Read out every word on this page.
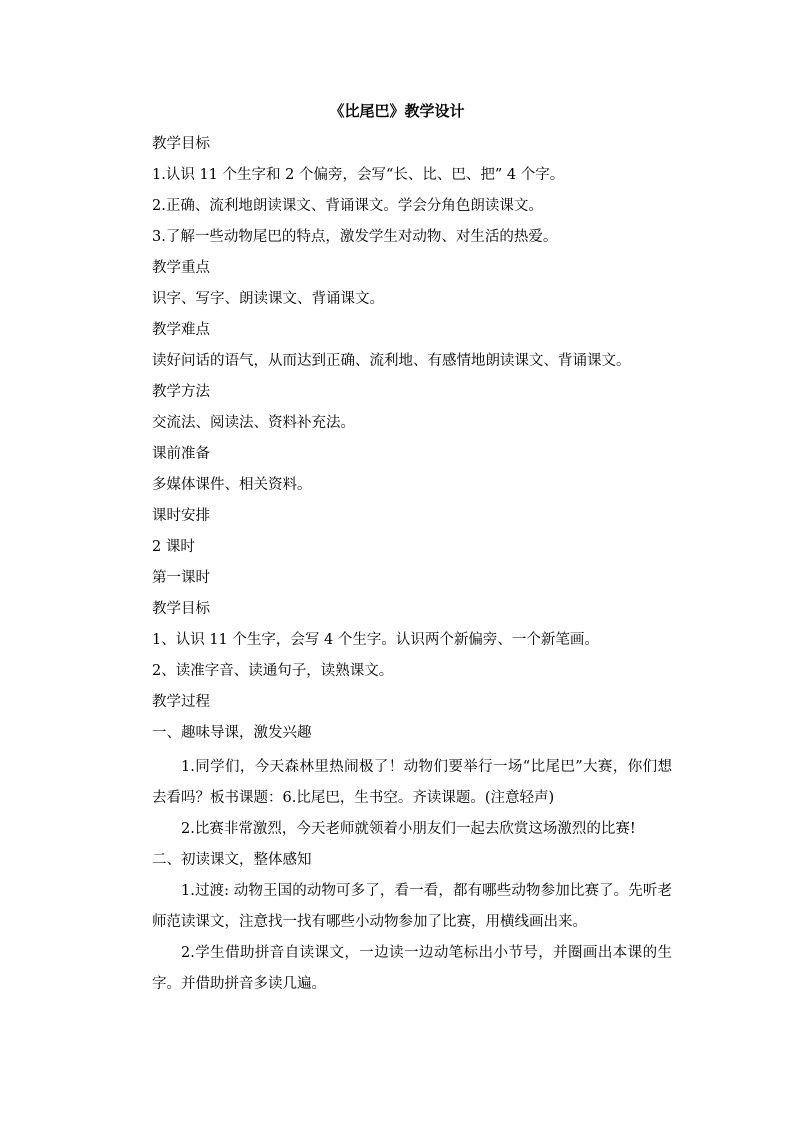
《比尾巴》教学设计
教学目标
1.认识 11 个生字和 2 个偏旁，会写“长、比、巴、把” 4 个字。
2.正确、流利地朗读课文、背诵课文。学会分角色朗读课文。
3.了解一些动物尾巴的特点，激发学生对动物、对生活的热爱。
教学重点
识字、写字、朗读课文、背诵课文。
教学难点
读好问话的语气，从而达到正确、流利地、有感情地朗读课文、背诵课文。
教学方法
交流法、阅读法、资料补充法。
课前准备
多媒体课件、相关资料。
课时安排
2 课时
第一课时
教学目标
1、认识 11 个生字，会写 4 个生字。认识两个新偏旁、一个新笔画。
2、读准字音、读通句子，读熟课文。
教学过程
一、趣味导课，激发兴趣
1.同学们，今天森林里热闹极了！动物们要举行一场“比尾巴”大赛，你们想去看吗？板书课题：6.比尾巴，生书空。齐读课题。(注意轻声)
2.比赛非常激烈，今天老师就领着小朋友们一起去欣赏这场激烈的比赛!
二、初读课文，整体感知
1.过渡: 动物王国的动物可多了，看一看，都有哪些动物参加比赛了。先听老师范读课文，注意找一找有哪些小动物参加了比赛，用横线画出来。
2.学生借助拼音自读课文，一边读一边动笔标出小节号，并圈画出本课的生字。并借助拼音多读几遍。
